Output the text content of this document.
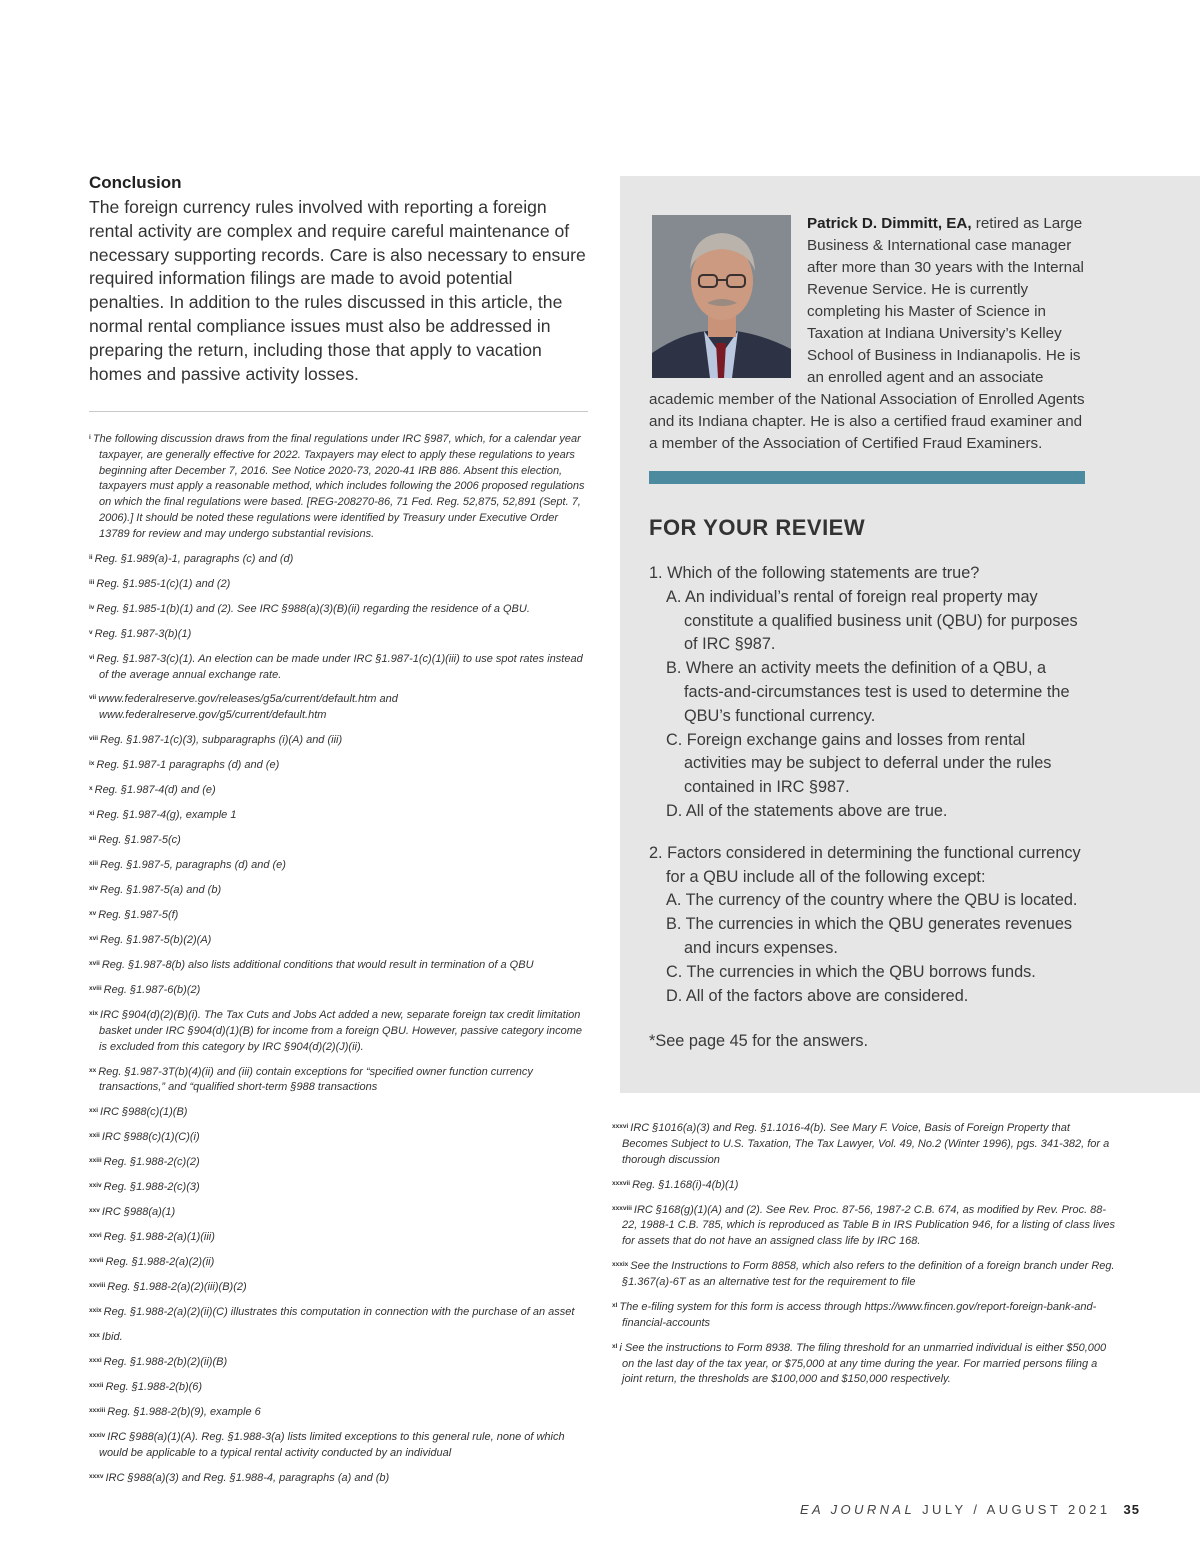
Conclusion

The foreign currency rules involved with reporting a foreign rental activity are complex and require careful maintenance of necessary supporting records. Care is also necessary to ensure required information filings are made to avoid potential penalties. In addition to the rules discussed in this article, the normal rental compliance issues must also be addressed in preparing the return, including those that apply to vacation homes and passive activity losses.

$^i$ The following discussion draws from the final regulations under IRC §987, which, for a calendar year taxpayer, are generally effective for 2022. Taxpayers may elect to apply these regulations to years beginning after December 7, 2016. See Notice 2020-73, 2020-41 IRB 886. Absent this election, taxpayers must apply a reasonable method, which includes following the 2006 proposed regulations on which the final regulations were based. [REG-208270-86, 71 Fed. Reg. 52,875, 52,891 (Sept. 7, 2006).] It should be noted these regulations were identified by Treasury under Executive Order 13789 for review and may undergo substantial revisions.

$^{ii}$ Reg. §1.989(a)-1, paragraphs (c) and (d)

$^{iii}$ Reg. §1.985-1(c)(1) and (2)

$^{iv}$ Reg. §1.985-1(b)(1) and (2). See IRC §988(a)(3)(B)(ii) regarding the residence of a QBU.

$^v$ Reg. §1.987-3(b)(1)

$^{vi}$ Reg. §1.987-3(c)(1). An election can be made under IRC §1.987-1(c)(1)(iii) to use spot rates instead of the average annual exchange rate.

$^{vii}$ www.federalreserve.gov/releases/g5a/current/default.htm and www.federalreserve.gov/g5/current/default.htm

$^{viii}$ Reg. §1.987-1(c)(3), subparagraphs (i)(A) and (iii)

$^{ix}$ Reg. §1.987-1 paragraphs (d) and (e)

$^x$ Reg. §1.987-4(d) and (e)

$^{xi}$ Reg. §1.987-4(g), example 1

$^{xii}$ Reg. §1.987-5(c)

$^{xiii}$ Reg. §1.987-5, paragraphs (d) and (e)

$^{xiv}$ Reg. §1.987-5(a) and (b)

$^{xv}$ Reg. §1.987-5(f)

$^{xvi}$ Reg. §1.987-5(b)(2)(A)

$^{xvii}$ Reg. §1.987-8(b) also lists additional conditions that would result in termination of a QBU

$^{xviii}$ Reg. §1.987-6(b)(2)

$^{xix}$ IRC §904(d)(2)(B)(i). The Tax Cuts and Jobs Act added a new, separate foreign tax credit limitation basket under IRC §904(d)(1)(B) for income from a foreign QBU. However, passive category income is excluded from this category by IRC §904(d)(2)(J)(ii).

$^{xx}$ Reg. §1.987-3T(b)(4)(ii) and (iii) contain exceptions for “specified owner function currency transactions,” and “qualified short-term §988 transactions

$^{xxi}$ IRC §988(c)(1)(B)

$^{xxii}$ IRC §988(c)(1)(C)(i)

$^{xxiii}$ Reg. §1.988-2(c)(2)

$^{xxiv}$ Reg. §1.988-2(c)(3)

$^{xxv}$ IRC §988(a)(1)

$^{xxvi}$ Reg. §1.988-2(a)(1)(iii)

$^{xxvii}$ Reg. §1.988-2(a)(2)(ii)

$^{xxviii}$ Reg. §1.988-2(a)(2)(iii)(B)(2)

$^{xxix}$ Reg. §1.988-2(a)(2)(ii)(C) illustrates this computation in connection with the purchase of an asset

$^{xxx}$ Ibid.

$^{xxxi}$ Reg. §1.988-2(b)(2)(ii)(B)

$^{xxxii}$ Reg. §1.988-2(b)(6)

$^{xxxiii}$ Reg. §1.988-2(b)(9), example 6

$^{xxxiv}$ IRC §988(a)(1)(A). Reg. §1.988-3(a) lists limited exceptions to this general rule, none of which would be applicable to a typical rental activity conducted by an individual

$^{xxxv}$ IRC §988(a)(3) and Reg. §1.988-4, paragraphs (a) and (b)

Patrick D. Dimmitt, EA, retired as Large Business & International case manager after more than 30 years with the Internal Revenue Service. He is currently completing his Master of Science in Taxation at Indiana University’s Kelley School of Business in Indianapolis. He is an enrolled agent and an associate academic member of the National Association of Enrolled Agents and its Indiana chapter. He is also a certified fraud examiner and a member of the Association of Certified Fraud Examiners.

FOR YOUR REVIEW

1. Which of the following statements are true?

A. An individual’s rental of foreign real property may constitute a qualified business unit (QBU) for purposes of IRC §987.

B. Where an activity meets the definition of a QBU, a facts-and-circumstances test is used to determine the QBU’s functional currency.

C. Foreign exchange gains and losses from rental activities may be subject to deferral under the rules contained in IRC §987.

D. All of the statements above are true.

2. Factors considered in determining the functional currency for a QBU include all of the following except:

A. The currency of the country where the QBU is located.

B. The currencies in which the QBU generates revenues and incurs expenses.

C. The currencies in which the QBU borrows funds.

D. All of the factors above are considered.

*See page 45 for the answers.

$^{xxxvi}$ IRC §1016(a)(3) and Reg. §1.1016-4(b). See Mary F. Voice, Basis of Foreign Property that Becomes Subject to U.S. Taxation, The Tax Lawyer, Vol. 49, No.2 (Winter 1996), pgs. 341-382, for a thorough discussion

$^{xxxvii}$ Reg. §1.168(i)-4(b)(1)

$^{xxxviii}$ IRC §168(g)(1)(A) and (2). See Rev. Proc. 87-56, 1987-2 C.B. 674, as modified by Rev. Proc. 88-22, 1988-1 C.B. 785, which is reproduced as Table B in IRS Publication 946, for a listing of class lives for assets that do not have an assigned class life by IRC 168.

$^{xxxix}$ See the Instructions to Form 8858, which also refers to the definition of a foreign branch under Reg. §1.367(a)-6T as an alternative test for the requirement to file

$^{xl}$ The e-filing system for this form is access through https://www.fincen.gov/report-foreign-bank-and-financial-accounts

$^{xl}$ i See the instructions to Form 8938. The filing threshold for an unmarried individual is either $50,000 on the last day of the tax year, or $75,000 at any time during the year. For married persons filing a joint return, the thresholds are $100,000 and $150,000 respectively.

EA JOURNAL JULY / AUGUST 2021 35
